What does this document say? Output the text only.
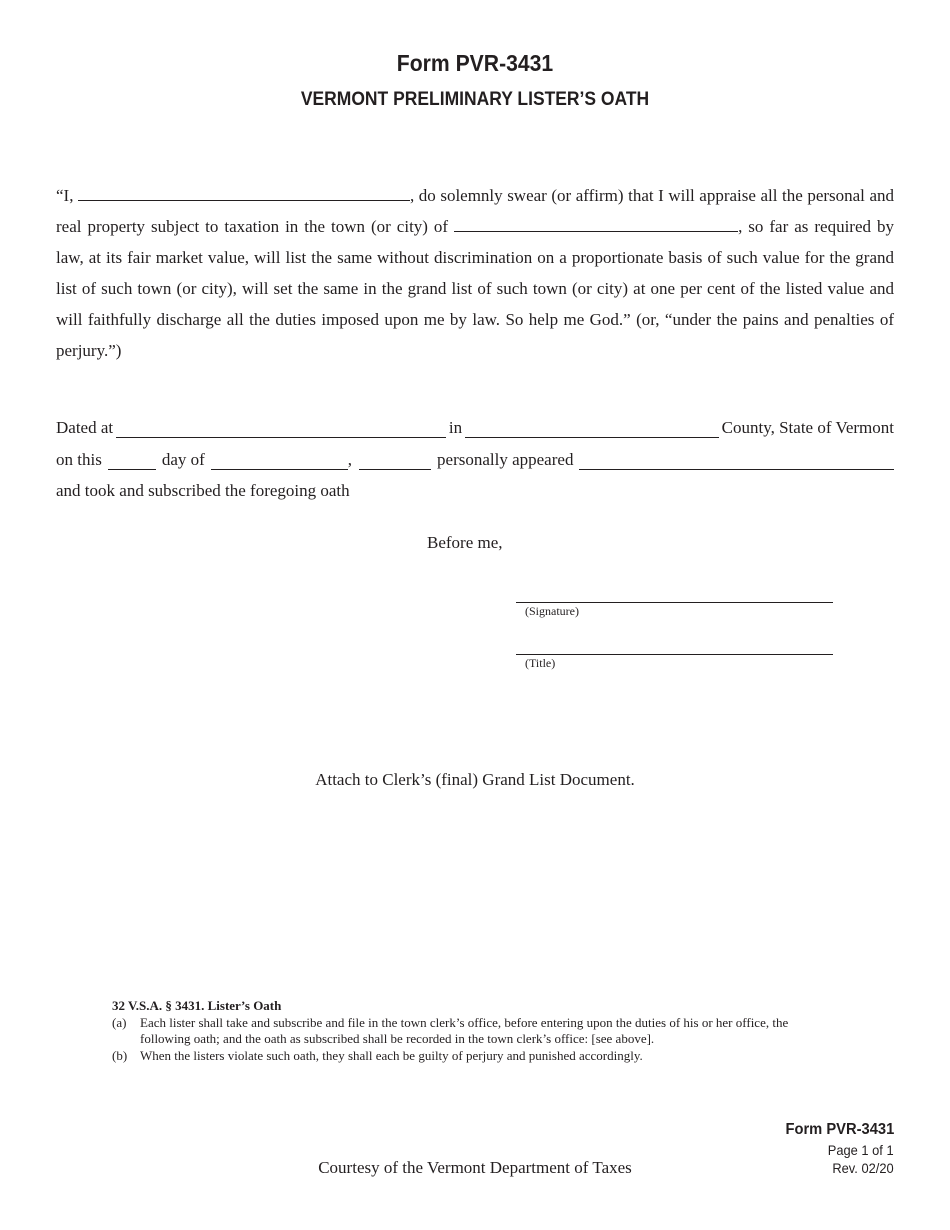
Form PVR-3431
VERMONT PRELIMINARY LISTER’S OATH
“I,	, do solemnly swear (or affirm) that I will appraise all the personal and real property subject to taxation in the town (or city) of	, so far as required by law, at its fair market value, will list the same without discrimination on a proportionate basis of such value for the grand list of such town (or city), will set the same in the grand list of such town (or city) at one per cent of the listed value and will faithfully discharge all the duties imposed upon me by law. So help me God.” (or, “under the pains and penalties of perjury.”)
Dated at	in	County, State of Vermont
on this	day of	,	personally appeared
and took and subscribed the foregoing oath
Before me,
(Signature)
(Title)
Attach to Clerk’s (final) Grand List Document.
32 V.S.A. § 3431. Lister’s Oath
(a)	Each lister shall take and subscribe and file in the town clerk’s office, before entering upon the duties of his or her office, the following oath; and the oath as subscribed shall be recorded in the town clerk’s office: [see above].
(b) When the listers violate such oath, they shall each be guilty of perjury and punished accordingly.
Form PVR-3431
Page 1 of 1
Rev. 02/20
Courtesy of the Vermont Department of Taxes
